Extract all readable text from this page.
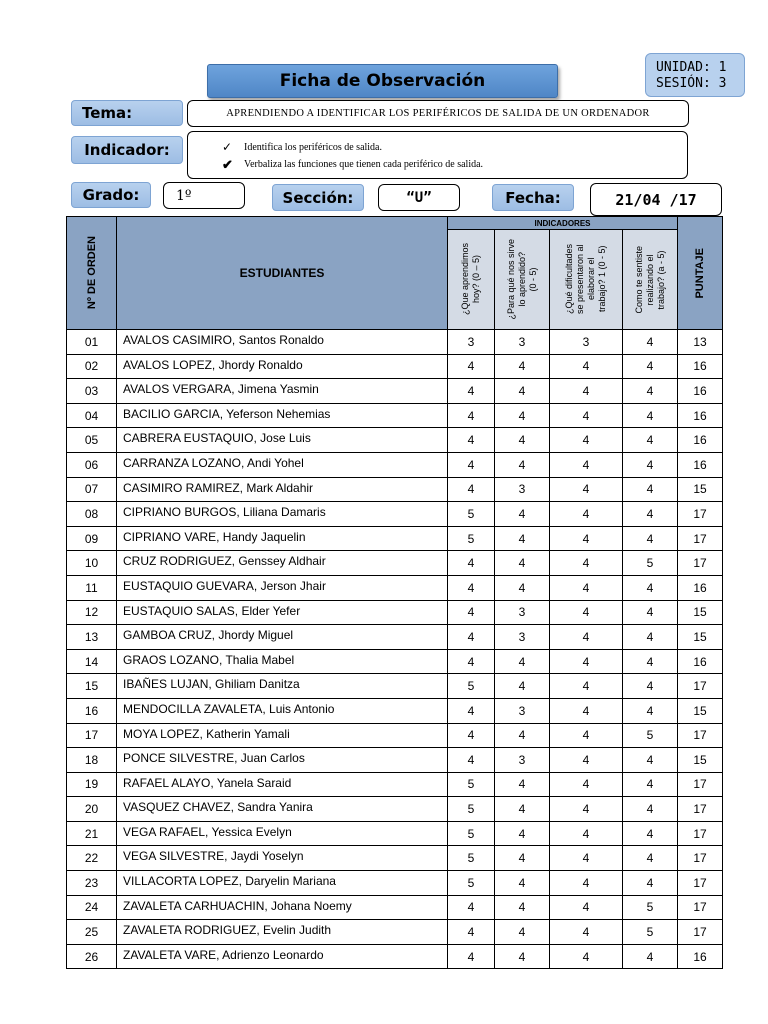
Ficha de Observación
UNIDAD: 1
SESIÓN: 3
Tema:	APRENDIENDO A IDENTIFICAR LOS PERIFÉRICOS DE SALIDA DE UN ORDENADOR
Indicador:	✓	Identifica los periféricos de salida.
✔	Verbaliza las funciones que tienen cada periférico de salida.
Grado:	1º	Sección:	“U”	Fecha:	21/04 /17
Nº DE ORDEN	ESTUDIANTES	INDICADORES				PUNTAJE

		¿Que aprendimos
hoy? (0 – 5)	¿Para qué nos sirve
lo aprendido?
(0 - 5)	¿Qué dificultades
se presentaron al
elaborar el
trabajo? 1 (0 - 5)	Como te sentiste
realizando el
trabajo? (a - 5)	

01	AVALOS CASIMIRO, Santos Ronaldo	3	3	3	4	13
02	AVALOS LOPEZ, Jhordy Ronaldo	4	4	4	4	16
03	AVALOS VERGARA, Jimena Yasmin	4	4	4	4	16
04	BACILIO GARCIA, Yeferson Nehemias	4	4	4	4	16
05	CABRERA EUSTAQUIO, Jose Luis	4	4	4	4	16
06	CARRANZA LOZANO, Andi Yohel	4	4	4	4	16
07	CASIMIRO RAMIREZ, Mark Aldahir	4	3	4	4	15
08	CIPRIANO BURGOS, Liliana Damaris	5	4	4	4	17
09	CIPRIANO VARE, Handy Jaquelin	5	4	4	4	17
10	CRUZ RODRIGUEZ, Genssey Aldhair	4	4	4	5	17
11	EUSTAQUIO GUEVARA, Jerson Jhair	4	4	4	4	16
12	EUSTAQUIO SALAS, Elder Yefer	4	3	4	4	15
13	GAMBOA CRUZ, Jhordy Miguel	4	3	4	4	15
14	GRAOS LOZANO, Thalia Mabel	4	4	4	4	16
15	IBAÑES LUJAN, Ghiliam Danitza	5	4	4	4	17
16	MENDOCILLA ZAVALETA, Luis Antonio	4	3	4	4	15
17	MOYA LOPEZ, Katherin Yamali	4	4	4	5	17
18	PONCE SILVESTRE, Juan Carlos	4	3	4	4	15
19	RAFAEL ALAYO, Yanela Saraid	5	4	4	4	17
20	VASQUEZ CHAVEZ, Sandra Yanira	5	4	4	4	17
21	VEGA RAFAEL, Yessica Evelyn	5	4	4	4	17
22	VEGA SILVESTRE, Jaydi Yoselyn	5	4	4	4	17
23	VILLACORTA LOPEZ, Daryelin Mariana	5	4	4	4	17
24	ZAVALETA CARHUACHIN, Johana Noemy	4	4	4	5	17
25	ZAVALETA RODRIGUEZ, Evelin Judith	4	4	4	5	17
26	ZAVALETA VARE, Adrienzo Leonardo	4	4	4	4	16
